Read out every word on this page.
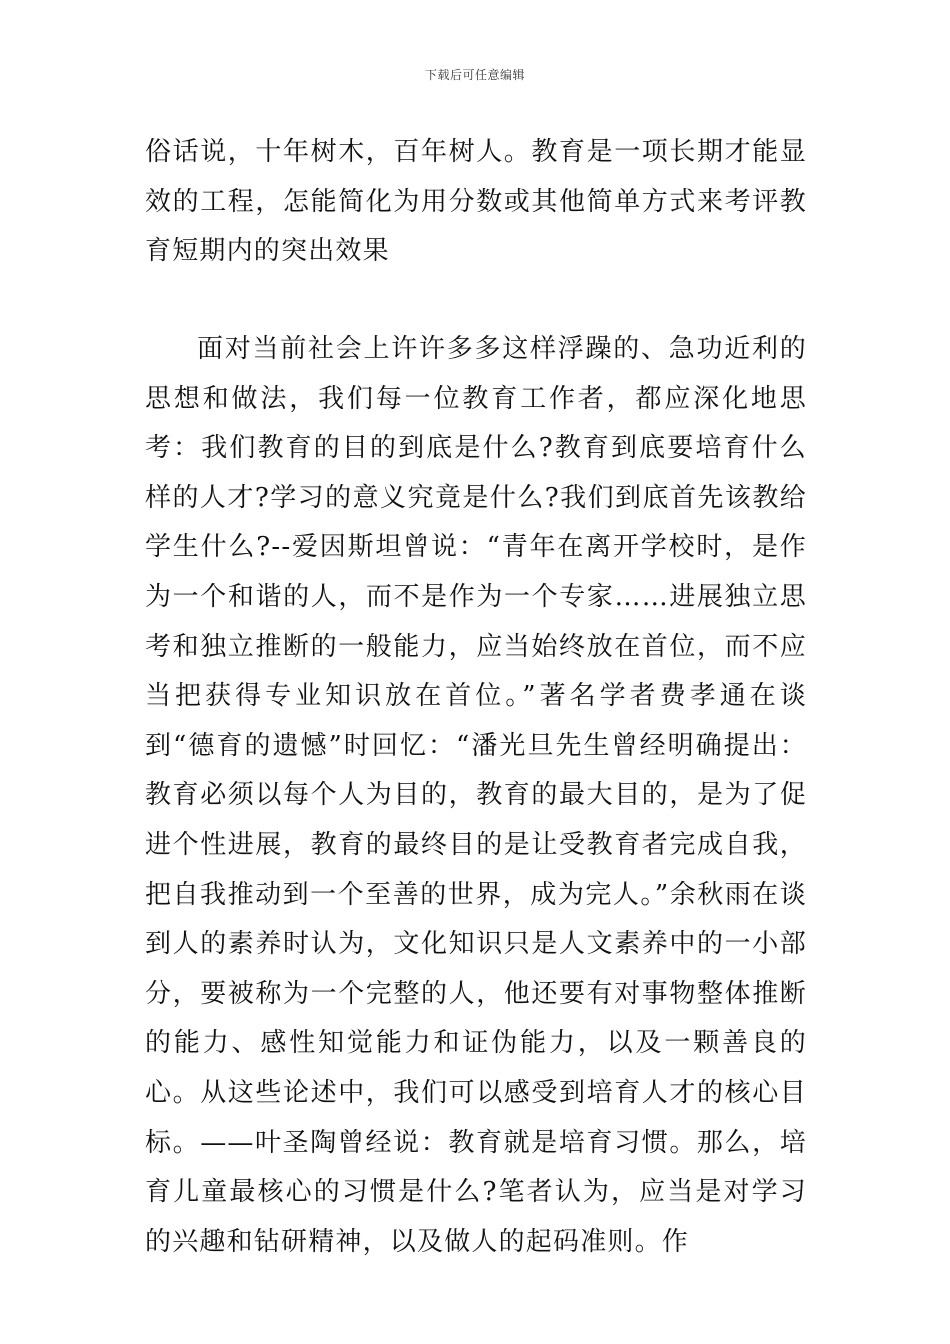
下载后可任意编辑

俗话说，十年树木，百年树人。教育是一项长期才能显效的工程，怎能简化为用分数或其他简单方式来考评教育短期内的突出效果

面对当前社会上许许多多这样浮躁的、急功近利的思想和做法，我们每一位教育工作者，都应深化地思考：我们教育的目的到底是什么?教育到底要培育什么样的人才?学习的意义究竟是什么?我们到底首先该教给学生什么?--爱因斯坦曾说：“青年在离开学校时，是作为一个和谐的人，而不是作为一个专家……进展独立思考和独立推断的一般能力，应当始终放在首位，而不应当把获得专业知识放在首位。”著名学者费孝通在谈到“德育的遗憾”时回忆：“潘光旦先生曾经明确提出：教育必须以每个人为目的，教育的最大目的，是为了促进个性进展，教育的最终目的是让受教育者完成自我，把自我推动到一个至善的世界，成为完人。”余秋雨在谈到人的素养时认为，文化知识只是人文素养中的一小部分，要被称为一个完整的人，他还要有对事物整体推断的能力、感性知觉能力和证伪能力，以及一颗善良的心。从这些论述中，我们可以感受到培育人才的核心目标。——叶圣陶曾经说：教育就是培育习惯。那么，培育儿童最核心的习惯是什么?笔者认为，应当是对学习的兴趣和钻研精神，以及做人的起码准则。作
